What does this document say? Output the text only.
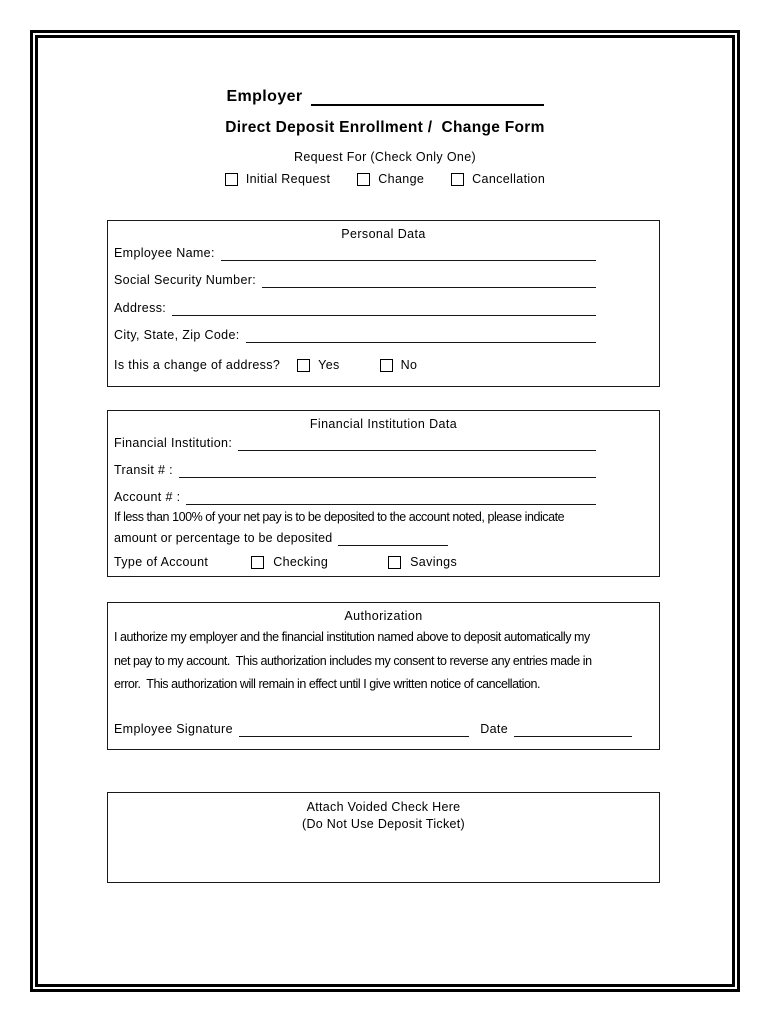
Employer
Direct Deposit Enrollment /  Change Form
Request For (Check Only One)
Initial Request	Change	Cancellation
Personal Data
Employee Name:
Social Security Number:
Address:
City, State, Zip Code:
Is this a change of address?	Yes	No
Financial Institution Data
Financial Institution:
Transit # :
Account # :
If less than 100% of your net pay is to be deposited to the account noted, please indicate
amount or percentage to be deposited
Type of Account	Checking	Savings
Authorization
I authorize my employer and the financial institution named above to deposit automatically my
net pay to my account.  This authorization includes my consent to reverse any entries made in
error.  This authorization will remain in effect until I give written notice of cancellation.
Employee Signature	Date
Attach Voided Check Here
(Do Not Use Deposit Ticket)
